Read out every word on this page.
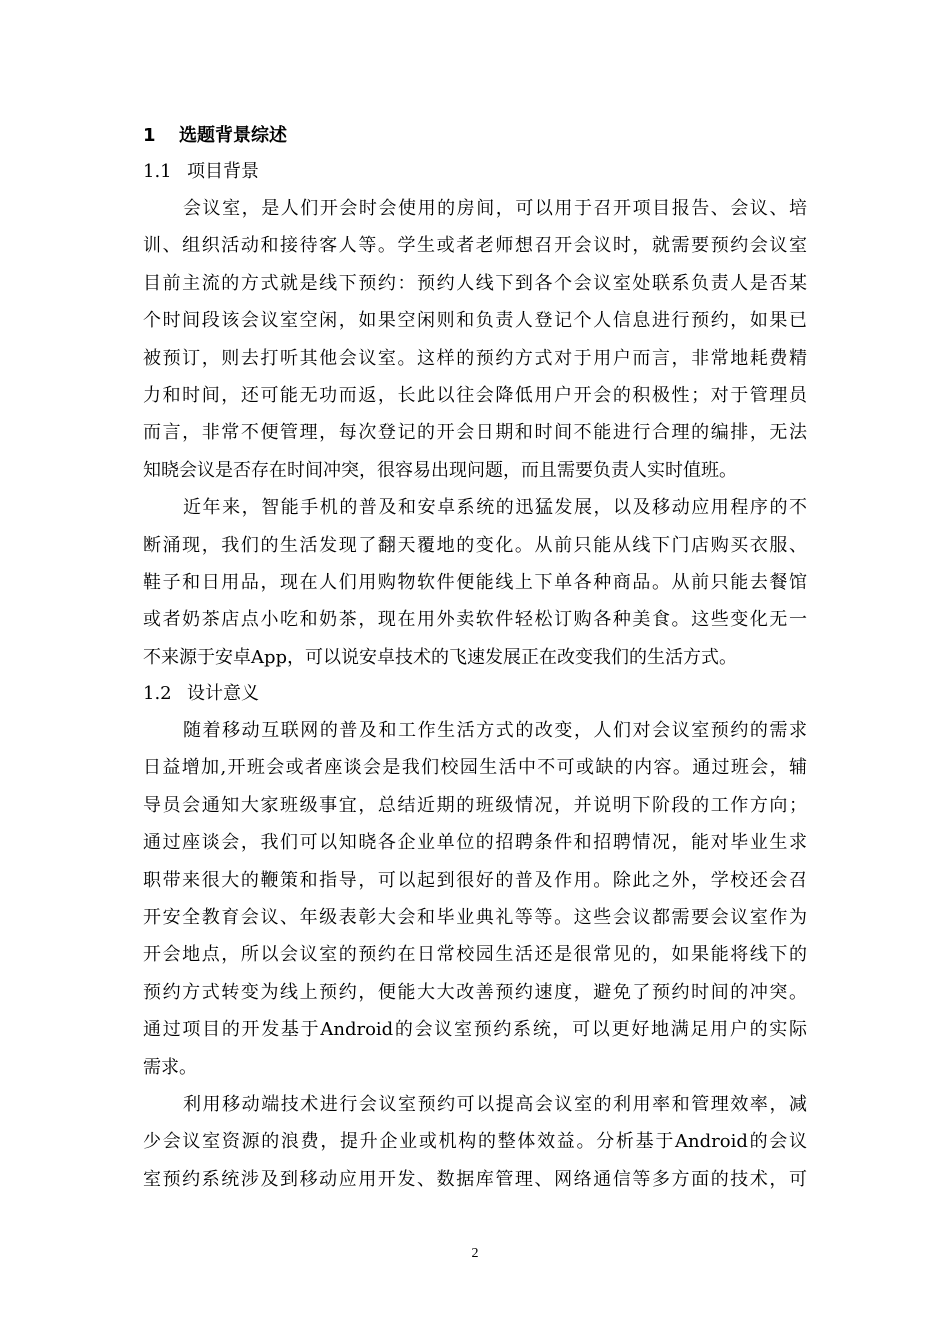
1 选题背景综述
1.1 项目背景
会议室，是人们开会时会使用的房间，可以用于召开项目报告、会议、培
训、组织活动和接待客人等。学生或者老师想召开会议时，就需要预约会议室
目前主流的方式就是线下预约：预约人线下到各个会议室处联系负责人是否某
个时间段该会议室空闲，如果空闲则和负责人登记个人信息进行预约，如果已
被预订，则去打听其他会议室。这样的预约方式对于用户而言，非常地耗费精
力和时间，还可能无功而返，长此以往会降低用户开会的积极性；对于管理员
而言，非常不便管理，每次登记的开会日期和时间不能进行合理的编排，无法
知晓会议是否存在时间冲突，很容易出现问题，而且需要负责人实时值班。
近年来，智能手机的普及和安卓系统的迅猛发展，以及移动应用程序的不
断涌现，我们的生活发现了翻天覆地的变化。从前只能从线下门店购买衣服、
鞋子和日用品，现在人们用购物软件便能线上下单各种商品。从前只能去餐馆
或者奶茶店点小吃和奶茶，现在用外卖软件轻松订购各种美食。这些变化无一
不来源于安卓App，可以说安卓技术的飞速发展正在改变我们的生活方式。
1.2 设计意义
随着移动互联网的普及和工作生活方式的改变，人们对会议室预约的需求
日益增加,开班会或者座谈会是我们校园生活中不可或缺的内容。通过班会，辅
导员会通知大家班级事宜，总结近期的班级情况，并说明下阶段的工作方向；
通过座谈会，我们可以知晓各企业单位的招聘条件和招聘情况，能对毕业生求
职带来很大的鞭策和指导，可以起到很好的普及作用。除此之外，学校还会召
开安全教育会议、年级表彰大会和毕业典礼等等。这些会议都需要会议室作为
开会地点，所以会议室的预约在日常校园生活还是很常见的，如果能将线下的
预约方式转变为线上预约，便能大大改善预约速度，避免了预约时间的冲突。
通过项目的开发基于Android的会议室预约系统，可以更好地满足用户的实际
需求。
利用移动端技术进行会议室预约可以提高会议室的利用率和管理效率，减
少会议室资源的浪费，提升企业或机构的整体效益。分析基于Android的会议
室预约系统涉及到移动应用开发、数据库管理、网络通信等多方面的技术，可
2
